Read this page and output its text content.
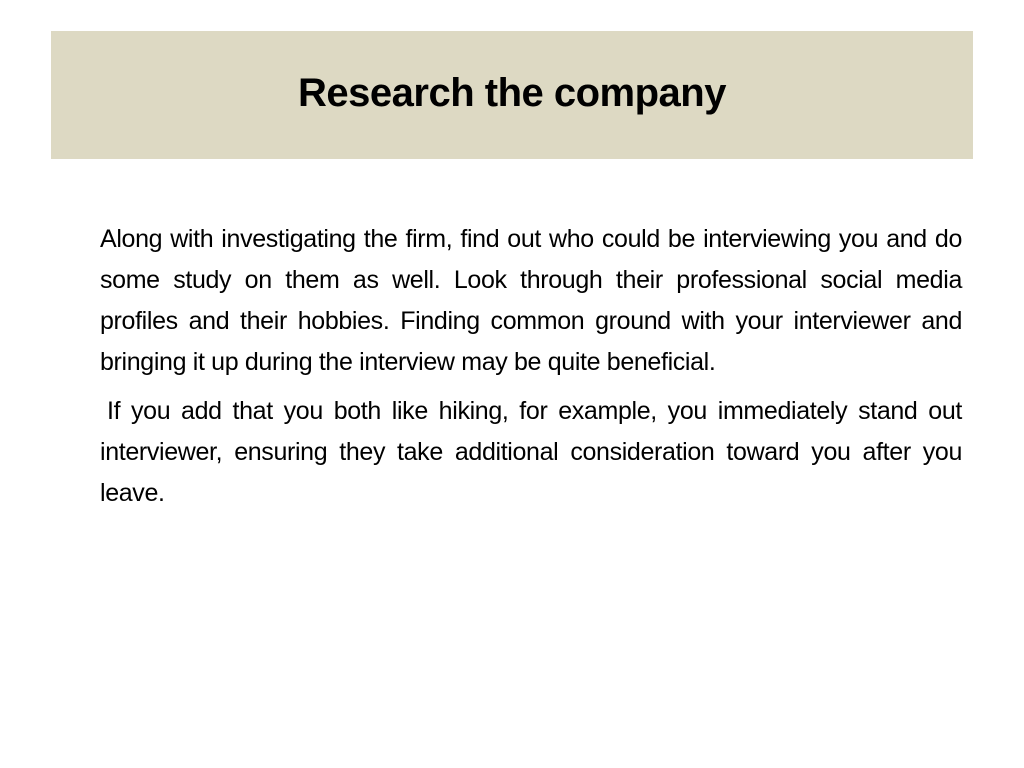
Research the company

Along with investigating the firm, find out who could be interviewing you and do some study on them as well. Look through their professional social media profiles and their hobbies. Finding common ground with your interviewer and bringing it up during the interview may be quite beneficial.

If you add that you both like hiking, for example, you immediately stand out interviewer, ensuring they take additional consideration toward you after you leave.
